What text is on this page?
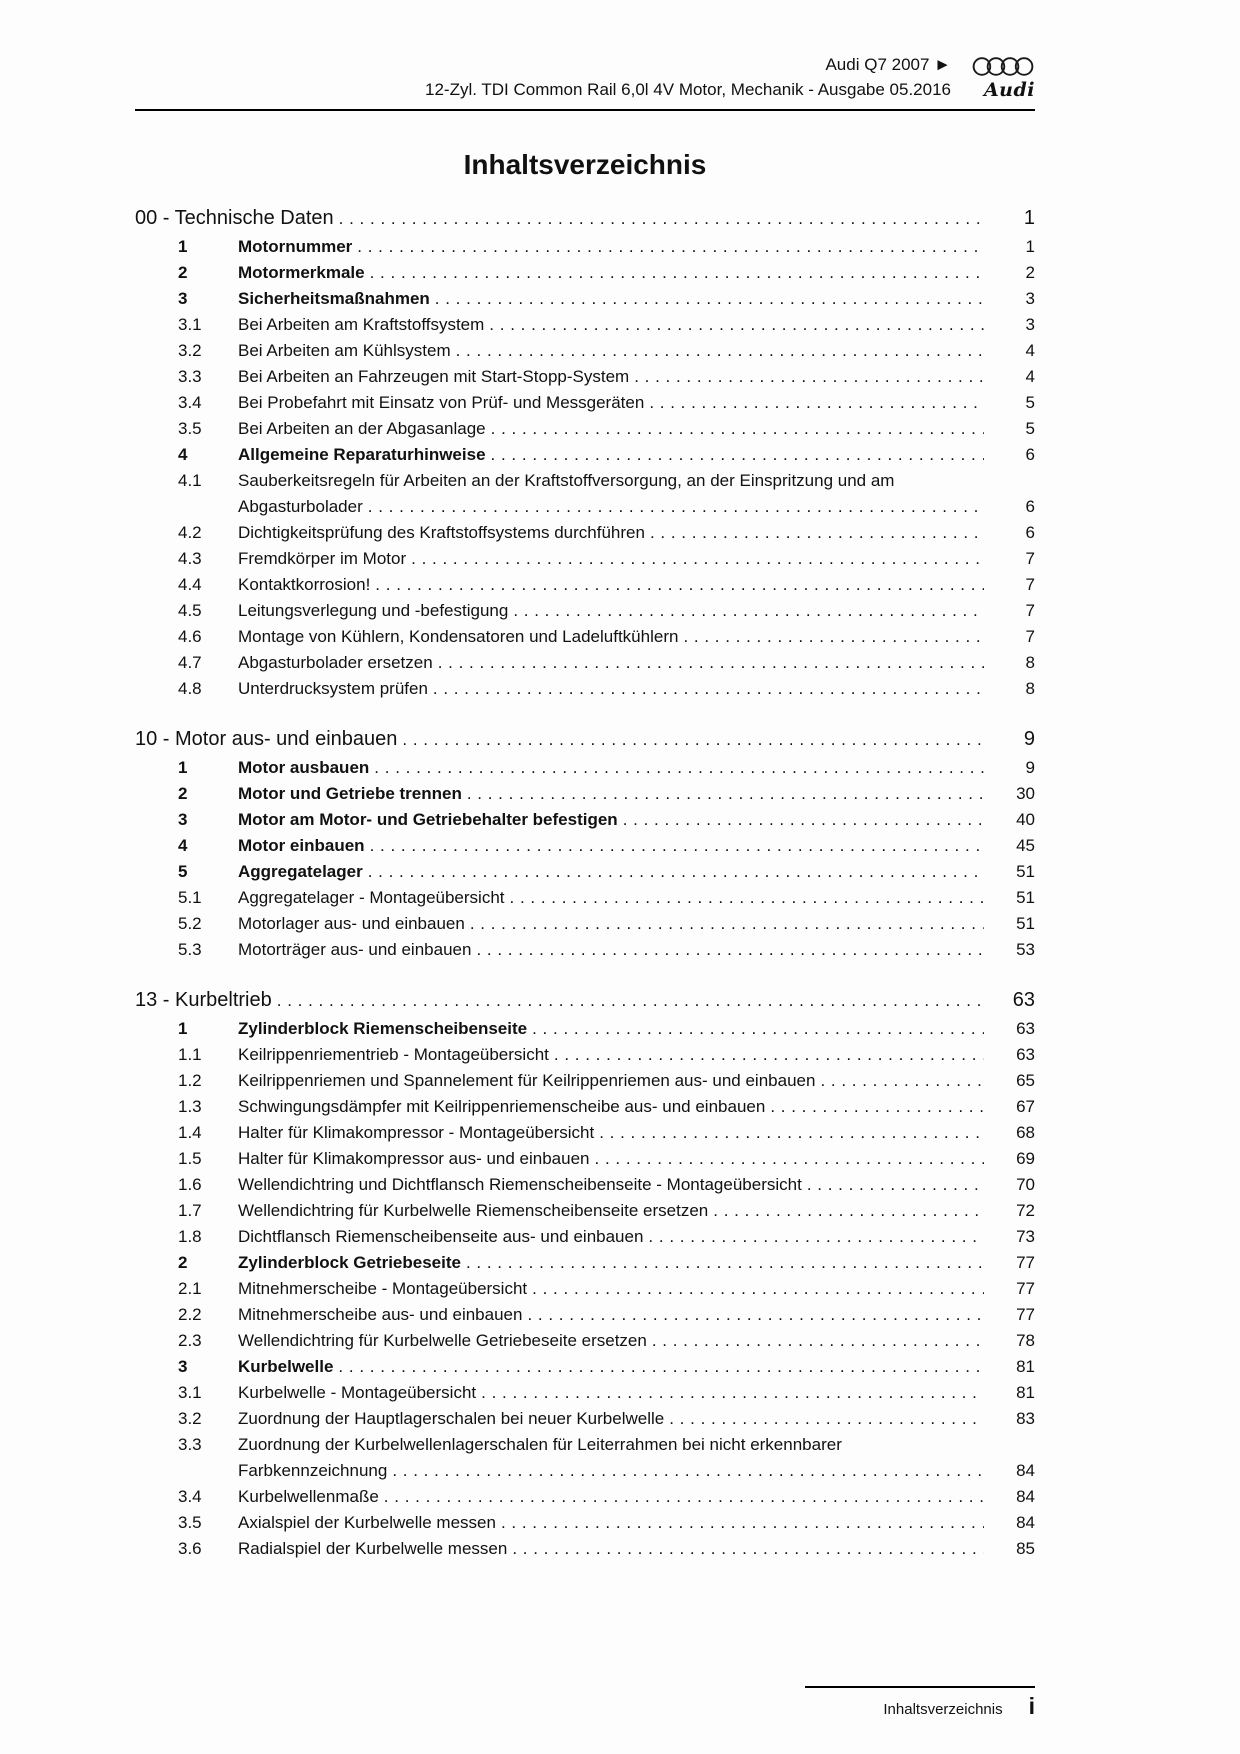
Audi Q7 2007 ►
12-Zyl. TDI Common Rail 6,0l 4V Motor, Mechanik - Ausgabe 05.2016 Audi
Inhaltsverzeichnis
00 - Technische Daten . . .	1
1	Motornummer . . .	1
2	Motormerkmale . . .	2
3	Sicherheitsmaßnahmen . . .	3
3.1	Bei Arbeiten am Kraftstoffsystem . . .	3
3.2	Bei Arbeiten am Kühlsystem . . .	4
3.3	Bei Arbeiten an Fahrzeugen mit Start-Stopp-System . . .	4
3.4	Bei Probefahrt mit Einsatz von Prüf- und Messgeräten . . .	5
3.5	Bei Arbeiten an der Abgasanlage . . .	5
4	Allgemeine Reparaturhinweise . . .	6
4.1	Sauberkeitsregeln für Arbeiten an der Kraftstoffversorgung, an der Einspritzung und am
Abgasturbolader . . .	6
4.2	Dichtigkeitsprüfung des Kraftstoffsystems durchführen . . .	6
4.3	Fremdkörper im Motor . . .	7
4.4	Kontaktkorrosion! . . .	7
4.5	Leitungsverlegung und -befestigung . . .	7
4.6	Montage von Kühlern, Kondensatoren und Ladeluftkühlern . . .	7
4.7	Abgasturbolader ersetzen . . .	8
4.8	Unterdrucksystem prüfen . . .	8
10 - Motor aus- und einbauen . . .	9
1	Motor ausbauen . . .	9
2	Motor und Getriebe trennen . . .	30
3	Motor am Motor- und Getriebehalter befestigen . . .	40
4	Motor einbauen . . .	45
5	Aggregatelager . . .	51
5.1	Aggregatelager - Montageübersicht . . .	51
5.2	Motorlager aus- und einbauen . . .	51
5.3	Motorträger aus- und einbauen . . .	53
13 - Kurbeltrieb . . .	63
1	Zylinderblock Riemenscheibenseite . . .	63
1.1	Keilrippenriementrieb - Montageübersicht . . .	63
1.2	Keilrippenriemen und Spannelement für Keilrippenriemen aus- und einbauen . . .	65
1.3	Schwingungsdämpfer mit Keilrippenriemenscheibe aus- und einbauen . . .	67
1.4	Halter für Klimakompressor - Montageübersicht . . .	68
1.5	Halter für Klimakompressor aus- und einbauen . . .	69
1.6	Wellendichtring und Dichtflansch Riemenscheibenseite - Montageübersicht . . .	70
1.7	Wellendichtring für Kurbelwelle Riemenscheibenseite ersetzen . . .	72
1.8	Dichtflansch Riemenscheibenseite aus- und einbauen . . .	73
2	Zylinderblock Getriebeseite . . .	77
2.1	Mitnehmerscheibe - Montageübersicht . . .	77
2.2	Mitnehmerscheibe aus- und einbauen . . .	77
2.3	Wellendichtring für Kurbelwelle Getriebeseite ersetzen . . .	78
3	Kurbelwelle . . .	81
3.1	Kurbelwelle - Montageübersicht . . .	81
3.2	Zuordnung der Hauptlagerschalen bei neuer Kurbelwelle . . .	83
3.3	Zuordnung der Kurbelwellenlagerschalen für Leiterrahmen bei nicht erkennbarer
Farbkennzeichnung . . .	84
3.4	Kurbelwellenmaße . . .	84
3.5	Axialspiel der Kurbelwelle messen . . .	84
3.6	Radialspiel der Kurbelwelle messen . . .	85
Inhaltsverzeichnis i
